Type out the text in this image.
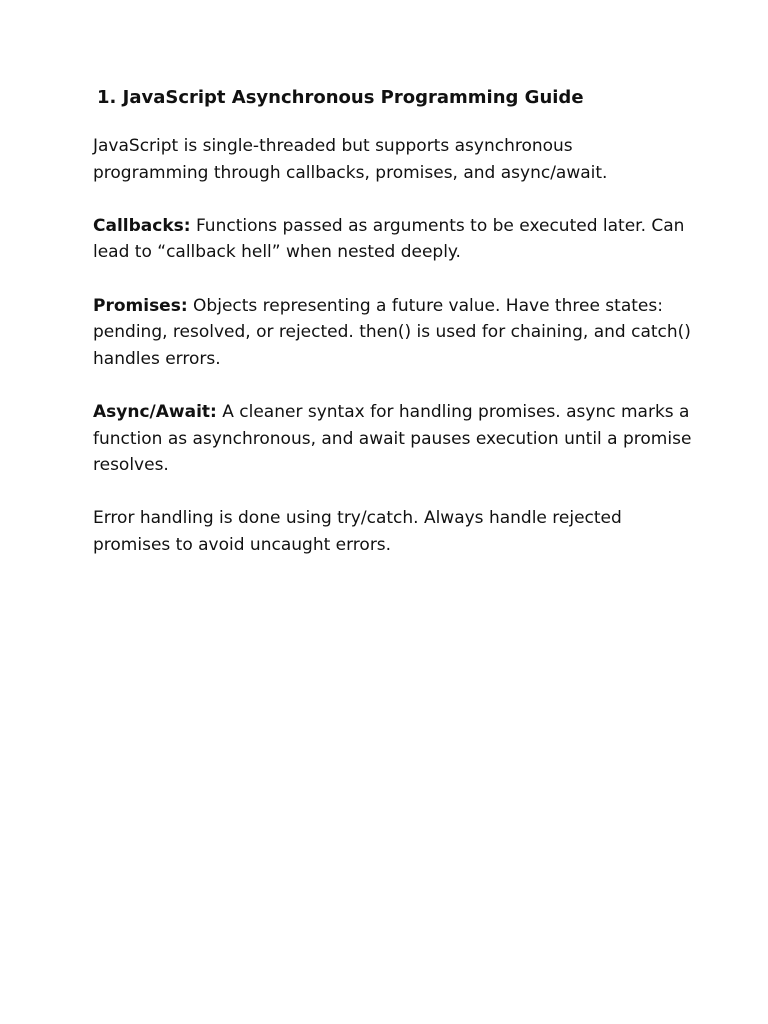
1. JavaScript Asynchronous Programming Guide

JavaScript is single-threaded but supports asynchronous programming through callbacks, promises, and async/await.

Callbacks: Functions passed as arguments to be executed later. Can lead to “callback hell” when nested deeply.

Promises: Objects representing a future value. Have three states: pending, resolved, or rejected. then() is used for chaining, and catch() handles errors.

Async/Await: A cleaner syntax for handling promises. async marks a function as asynchronous, and await pauses execution until a promise resolves.

Error handling is done using try/catch. Always handle rejected promises to avoid uncaught errors.
